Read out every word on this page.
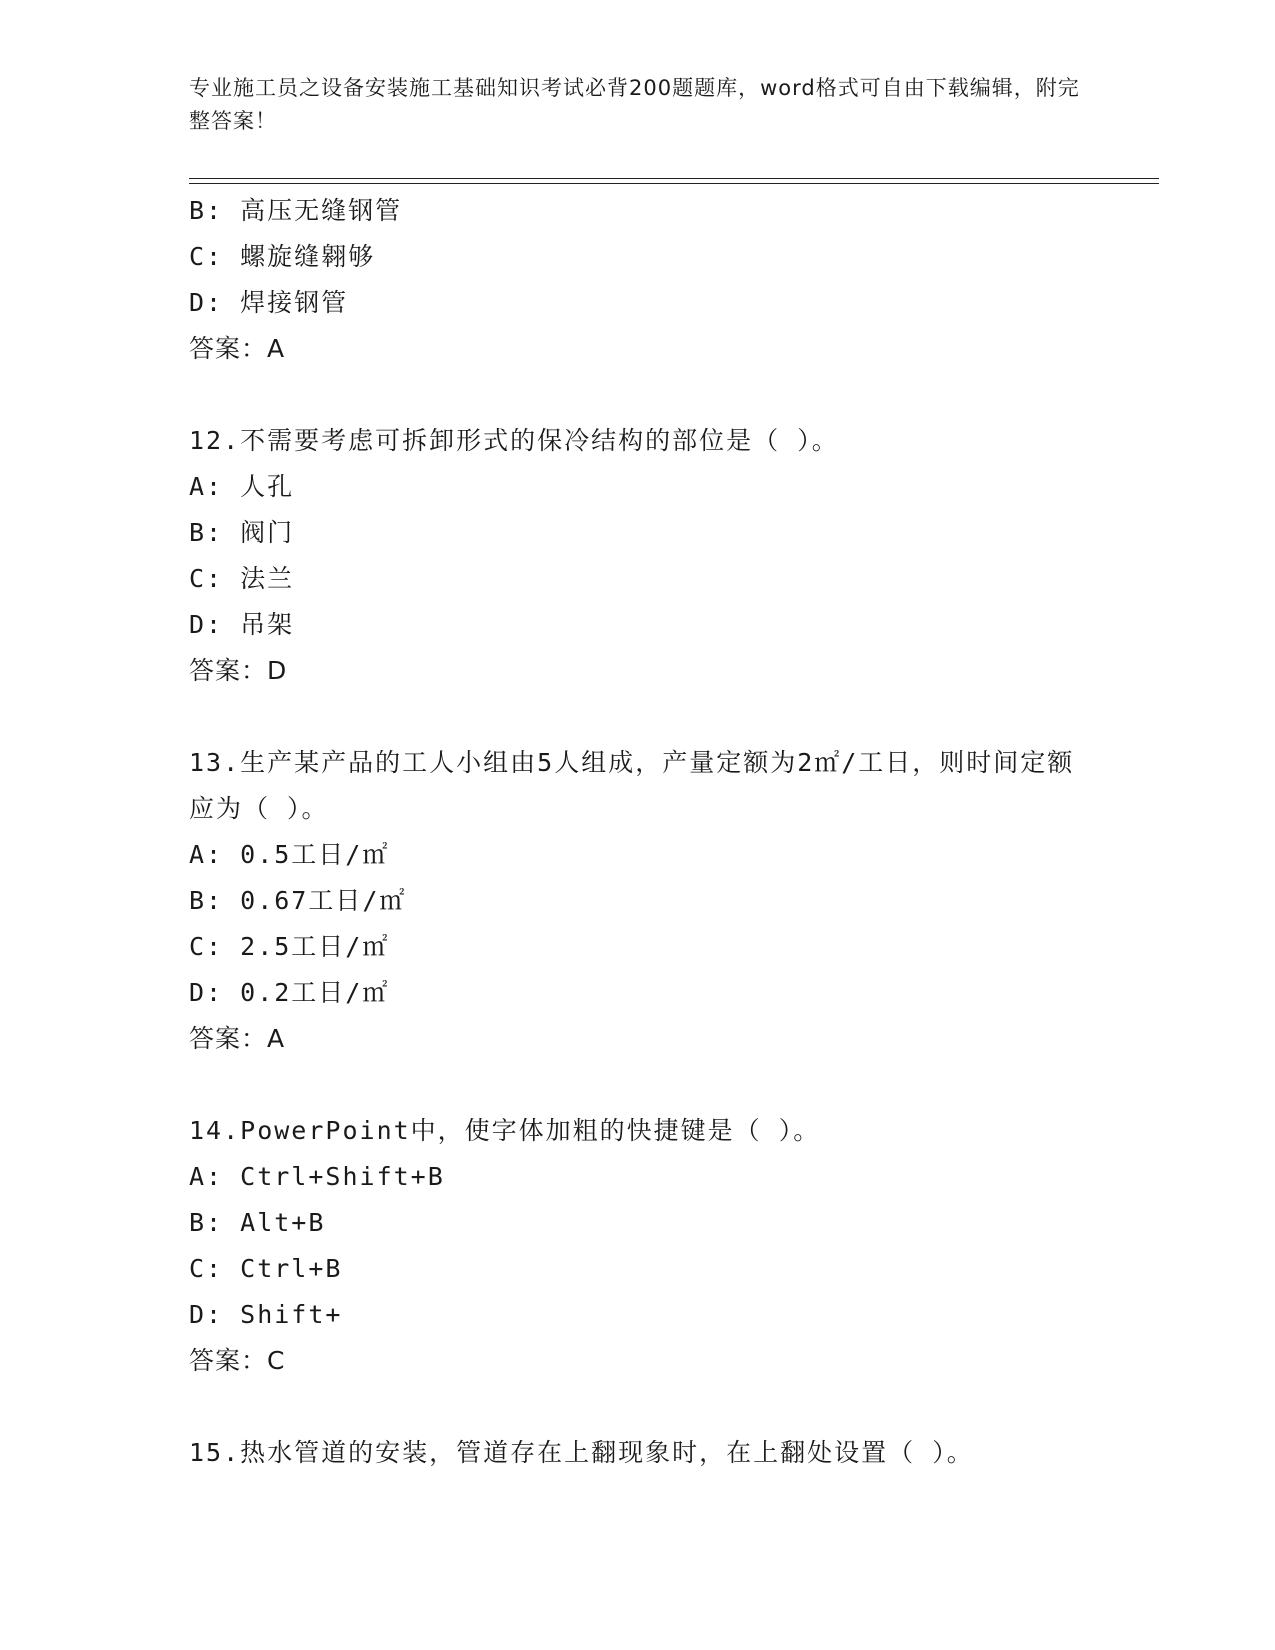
专业施工员之设备安装施工基础知识考试必背200题题库，word格式可自由下载编辑，附完整答案！
B: 高压无缝钢管
C: 螺旋缝翱够
D: 焊接钢管
答案：A
12.不需要考虑可拆卸形式的保冷结构的部位是（ ）。
A: 人孔
B: 阀门
C: 法兰
D: 吊架
答案：D
13.生产某产品的工人小组由5人组成，产量定额为2㎡/工日，则时间定额应为（ ）。
A: 0.5工日/㎡
B: 0.67工日/㎡
C: 2.5工日/㎡
D: 0.2工日/㎡
答案：A
14.PowerPoint中，使字体加粗的快捷键是（ ）。
A: Ctrl+Shift+B
B: Alt+B
C: Ctrl+B
D: Shift+
答案：C
15.热水管道的安装，管道存在上翻现象时，在上翻处设置（ ）。
